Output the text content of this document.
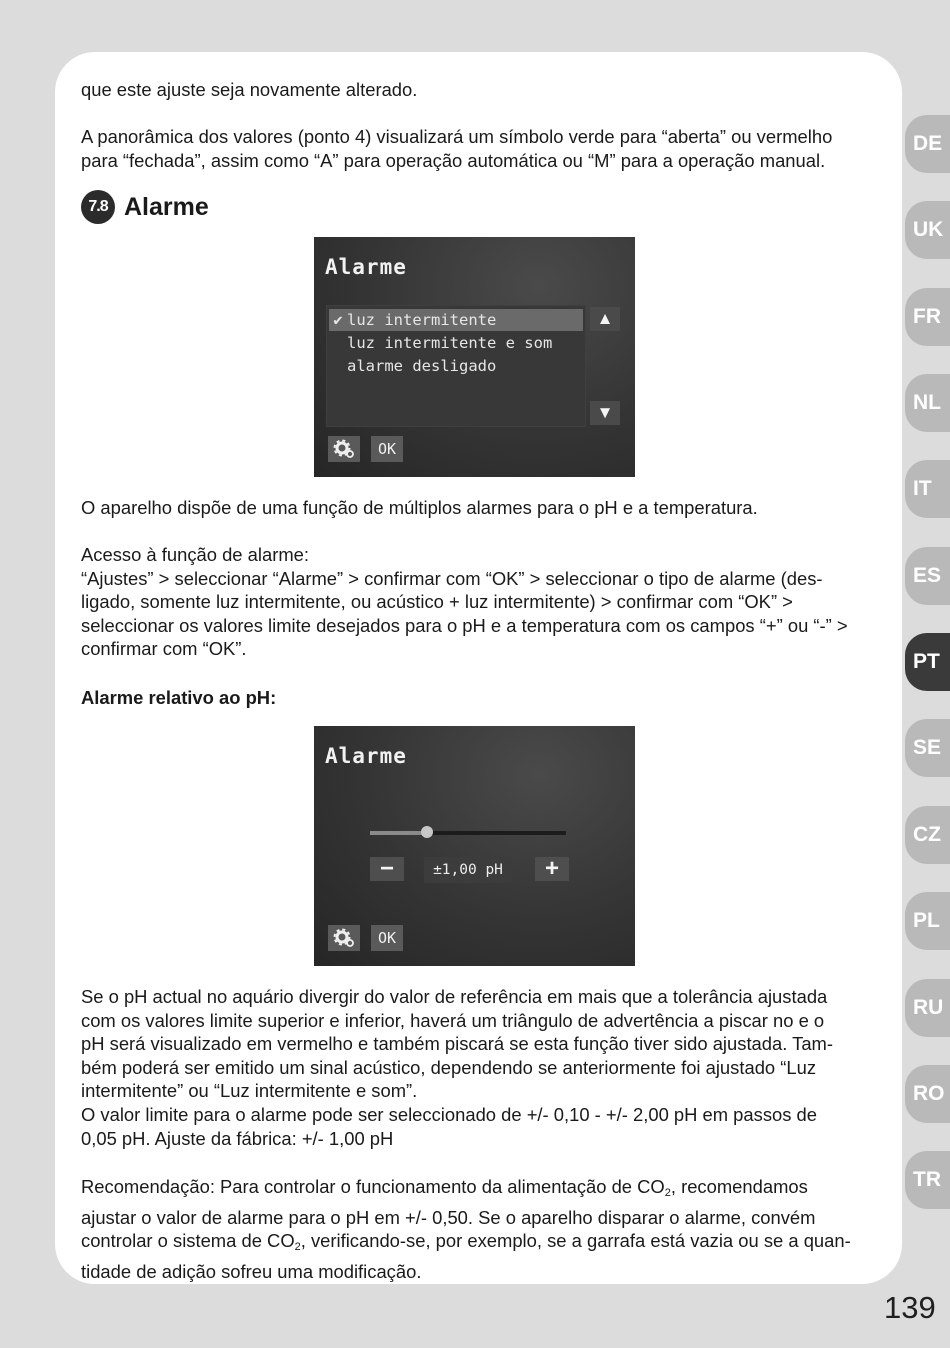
que este ajuste seja novamente alterado.

A panorâmica dos valores (ponto 4) visualizará um símbolo verde para “aberta” ou vermelho

para “fechada”, assim como “A” para operação automática ou “M” para a operação manual.

7.8 Alarme
Alarme
✔ luz intermitente
luz intermitente e som
alarme desligado
▲
▼
OK

O aparelho dispõe de uma função de múltiplos alarmes para o pH e a temperatura.

Acesso à função de alarme:

“Ajustes” > seleccionar “Alarme” > confirmar com “OK” > seleccionar o tipo de alarme (des-

ligado, somente luz intermitente, ou acústico + luz intermitente) > confirmar com “OK” >

seleccionar os valores limite desejados para o pH e a temperatura com os campos “+” ou “-” >

confirmar com “OK”.

Alarme relativo ao pH:

Alarme
−	±1,00 pH	+
OK

Se o pH actual no aquário divergir do valor de referência em mais que a tolerância ajustada

com os valores limite superior e inferior, haverá um triângulo de advertência a piscar no e o

pH será visualizado em vermelho e também piscará se esta função tiver sido ajustada. Tam-

bém poderá ser emitido um sinal acústico, dependendo se anteriormente foi ajustado “Luz

intermitente” ou “Luz intermitente e som”.

O valor limite para o alarme pode ser seleccionado de +/- 0,10 - +/- 2,00 pH em passos de

0,05 pH. Ajuste da fábrica: +/- 1,00 pH

Recomendação: Para controlar o funcionamento da alimentação de $CO_2$, recomendamos

ajustar o valor de alarme para o pH em +/- 0,50. Se o aparelho disparar o alarme, convém

controlar o sistema de $CO_2$, verificando-se, por exemplo, se a garrafa está vazia ou se a quan-

tidade de adição sofreu uma modificação.

DE
UK
FR
NL
IT
ES
PT
SE
CZ
PL
RU
RO
TR
139
